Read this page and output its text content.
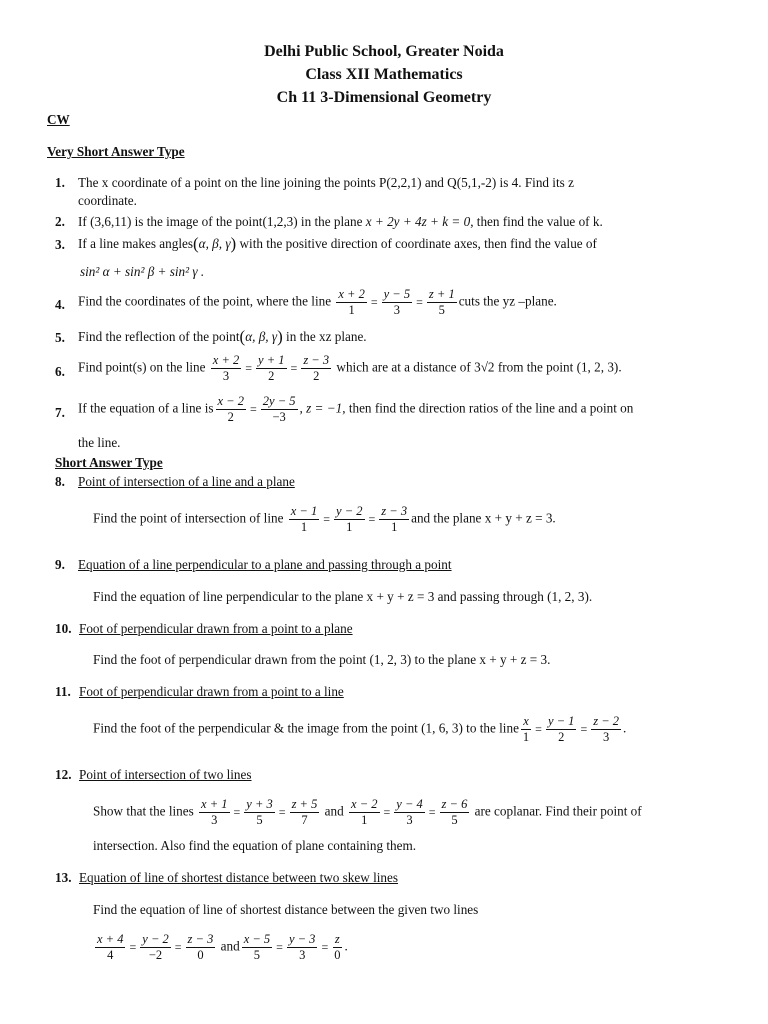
Delhi Public School, Greater Noida
Class XII Mathematics
Ch 11 3-Dimensional Geometry
CW
Very Short Answer Type
1. The x coordinate of a point on the line joining the points P(2,2,1) and Q(5,1,-2) is 4. Find its z
coordinate.
2. If (3,6,11) is the image of the point(1,2,3) in the plane x + 2y + 4z + k = 0, then find the value of k.
3. If a line makes angles(α, β, γ) with the positive direction of coordinate axes, then find the value of
sin² α + sin² β + sin² γ .
4. Find the coordinates of the point, where the line $\frac{x + 2}{1} = \frac{y - 5}{3} = \frac{z + 1}{5}$ cuts the yz –plane.
5. Find the reflection of the point(α, β, γ) in the xz plane.
6. Find point(s) on the line $\frac{x + 2}{3} = \frac{y + 1}{2} = \frac{z - 3}{2}$ which are at a distance of 3√2 from the point (1, 2, 3).
7. If the equation of a line is $\frac{x - 2}{2} = \frac{2y - 5}{-3}$ , z = −1, then find the direction ratios of the line and a point on
the line.
Short Answer Type
8. Point of intersection of a line and a plane
Find the point of intersection of line $\frac{x - 1}{1} = \frac{y - 2}{1} = \frac{z - 3}{1}$ and the plane x + y + z = 3.
9. Equation of a line perpendicular to a plane and passing through a point
Find the equation of line perpendicular to the plane x + y + z = 3 and passing through (1, 2, 3).
10. Foot of perpendicular drawn from a point to a plane
Find the foot of perpendicular drawn from the point (1, 2, 3) to the plane x + y + z = 3.
11. Foot of perpendicular drawn from a point to a line
Find the foot of the perpendicular & the image from the point (1, 6, 3) to the line $\frac{x}{1} = \frac{y - 1}{2} = \frac{z - 2}{3}$ .
12. Point of intersection of two lines
Show that the lines $\frac{x + 1}{3} = \frac{y + 3}{5} = \frac{z + 5}{7}$ and $\frac{x - 2}{1} = \frac{y - 4}{3} = \frac{z - 6}{5}$ are coplanar. Find their point of
intersection. Also find the equation of plane containing them.
13. Equation of line of shortest distance between two skew lines
Find the equation of line of shortest distance between the given two lines
$\frac{x + 4}{4} = \frac{y - 2}{-2} = \frac{z - 3}{0}$ and $\frac{x - 5}{5} = \frac{y - 3}{3} = \frac{z}{0}$ .
